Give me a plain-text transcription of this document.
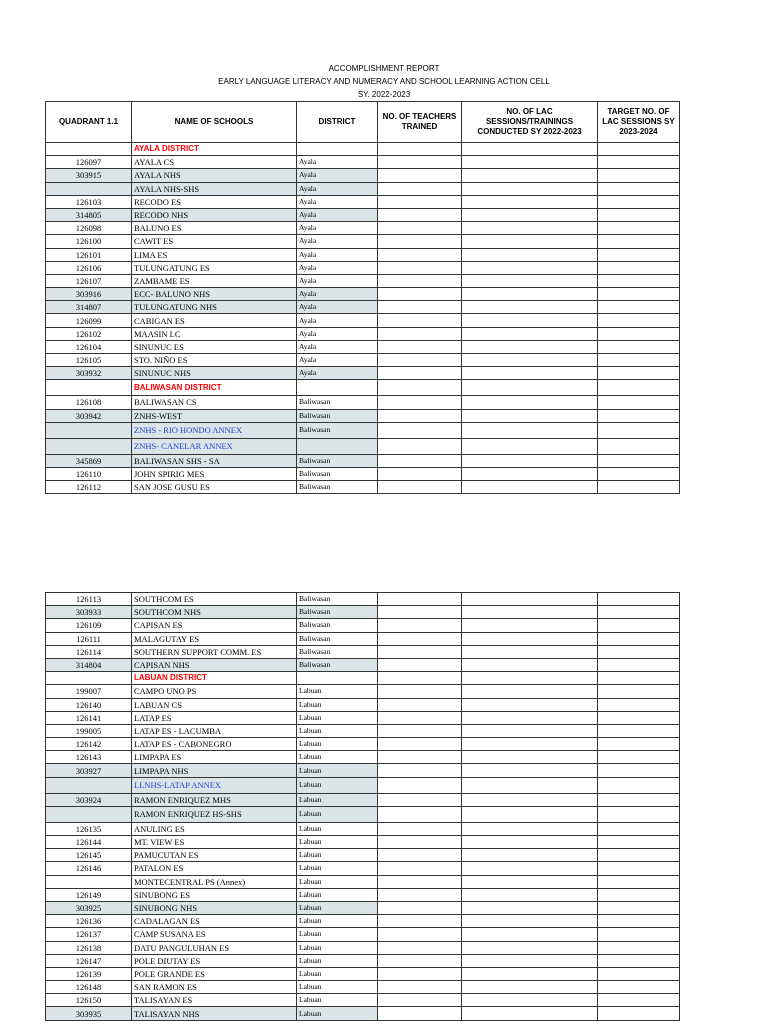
ACCOMPLISHMENT REPORT
EARLY LANGUAGE LITERACY AND NUMERACY AND SCHOOL LEARNING ACTION CELL
SY. 2022-2023
QUADRANT 1.1	NAME OF SCHOOLS	DISTRICT	NO. OF TEACHERS TRAINED	NO. OF LAC SESSIONS/TRAININGS CONDUCTED SY 2022-2023	TARGET NO. OF LAC SESSIONS SY 2023-2024
	AYALA DISTRICT				
126097	AYALA CS	Ayala			
303915	AYALA NHS	Ayala			
	AYALA NHS-SHS	Ayala			
126103	RECODO ES	Ayala			
314805	RECODO NHS	Ayala			
126098	BALUNO ES	Ayala			
126100	CAWIT ES	Ayala			
126101	LIMA ES	Ayala			
126106	TULUNGATUNG ES	Ayala			
126107	ZAMBAME ES	Ayala			
303916	ECC- BALUNO NHS	Ayala			
314807	TULUNGATUNG NHS	Ayala			
126099	CABIGAN ES	Ayala			
126102	MAASIN LC	Ayala			
126104	SINUNUC ES	Ayala			
126105	STO. NIÑO ES	Ayala			
303932	SINUNUC NHS	Ayala			
	BALIWASAN DISTRICT				
126108	BALIWASAN CS	Baliwasan			
303942	ZNHS-WEST	Baliwasan			
	ZNHS - RIO HONDO ANNEX	Baliwasan			
	ZNHS- CANELAR ANNEX				
345869	BALIWASAN SHS - SA	Baliwasan			
126110	JOHN SPIRIG MES	Baliwasan			
126112	SAN JOSE GUSU ES	Baliwasan			
126113	SOUTHCOM ES	Baliwasan			
303933	SOUTHCOM NHS	Baliwasan			
126109	CAPISAN ES	Baliwasan			
126111	MALAGUTAY ES	Baliwasan			
126114	SOUTHERN SUPPORT COMM. ES	Baliwasan			
314804	CAPISAN NHS	Baliwasan			
	LABUAN DISTRICT				
199007	CAMPO UNO PS	Labuan			
126140	LABUAN CS	Labuan			
126141	LATAP ES	Labuan			
199005	LATAP ES - LACUMBA	Labuan			
126142	LATAP ES - CABONEGRO	Labuan			
126143	LIMPAPA ES	Labuan			
303927	LIMPAPA NHS	Labuan			
	LLNHS-LATAP ANNEX	Labuan			
303924	RAMON ENRIQUEZ MHS	Labuan			
	RAMON ENRIQUEZ HS-SHS	Labuan			
126135	ANULING ES	Labuan			
126144	MT. VIEW ES	Labuan			
126145	PAMUCUTAN ES	Labuan			
126146	PATALON ES	Labuan			
	MONTECENTRAL PS (Annex)	Labuan			
126149	SINUBONG ES	Labuan			
303925	SINUBONG NHS	Labuan			
126136	CADALAGAN ES	Labuan			
126137	CAMP SUSANA ES	Labuan			
126138	DATU PANGULUHAN ES	Labuan			
126147	POLE DIUTAY ES	Labuan			
126139	POLE GRANDE ES	Labuan			
126148	SAN RAMON ES	Labuan			
126150	TALISAYAN ES	Labuan			
303935	TALISAYAN NHS	Labuan			
